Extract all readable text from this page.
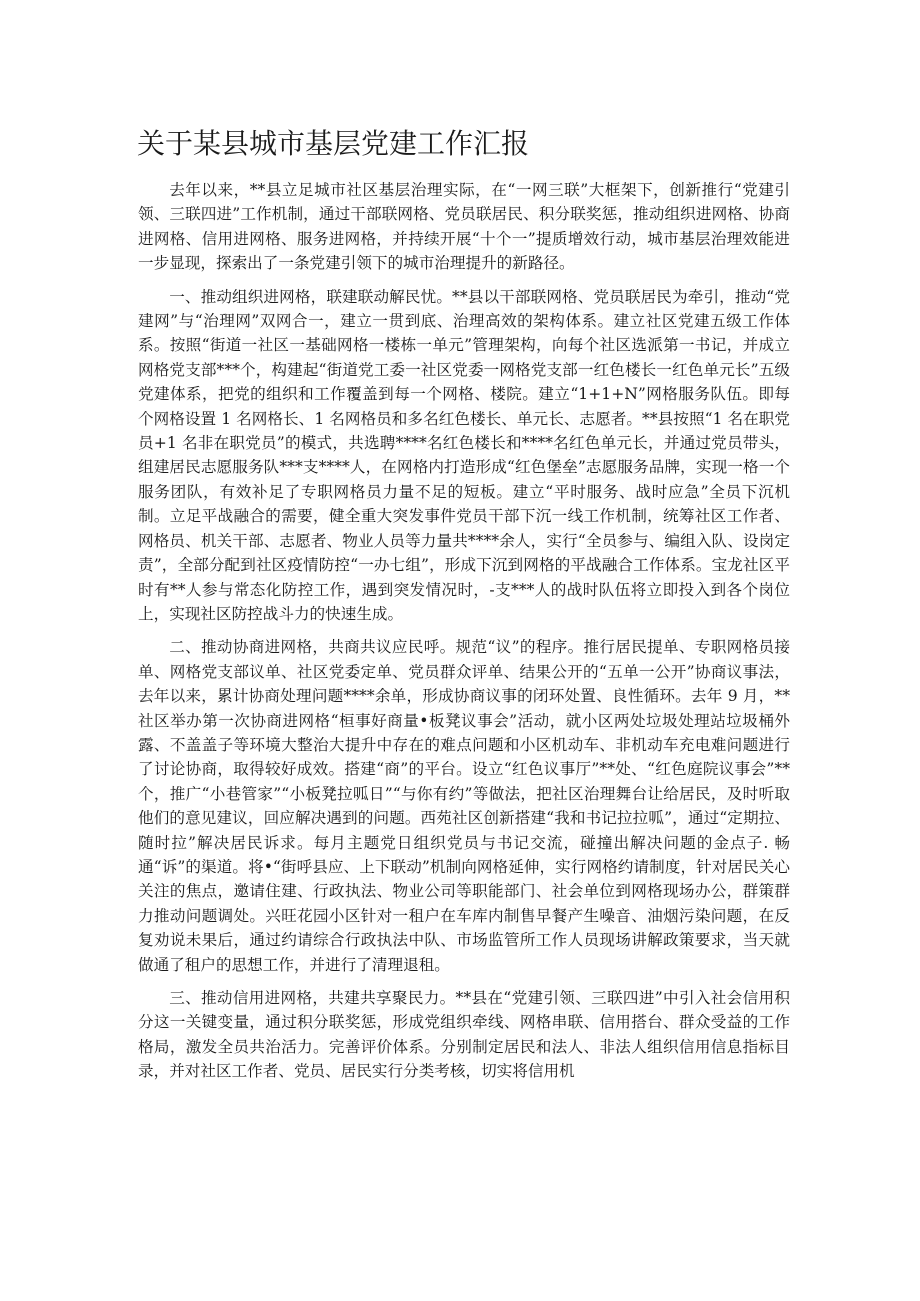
关于某县城市基层党建工作汇报

去年以来，**县立足城市社区基层治理实际，在“一网三联”大框架下，创新推行“党建引领、三联四进”工作机制，通过干部联网格、党员联居民、积分联奖惩，推动组织进网格、协商进网格、信用进网格、服务进网格，并持续开展“十个一”提质增效行动，城市基层治理效能进一步显现，探索出了一条党建引领下的城市治理提升的新路径。

一、推动组织进网格，联建联动解民忧。**县以干部联网格、党员联居民为牵引，推动“党建网”与“治理网”双网合一，建立一贯到底、治理高效的架构体系。建立社区党建五级工作体系。按照“街道一社区一基础网格一楼栋一单元”管理架构，向每个社区选派第一书记，并成立网格党支部***个，构建起“街道党工委一社区党委一网格党支部一红色楼长一红色单元长”五级党建体系，把党的组织和工作覆盖到每一个网格、楼院。建立“1+1+N”网格服务队伍。即每个网格设置 1 名网格长、1 名网格员和多名红色楼长、单元长、志愿者。**县按照“1 名在职党员+1 名非在职党员”的模式，共选聘****名红色楼长和****名红色单元长，并通过党员带头，组建居民志愿服务队***支****人，在网格内打造形成“红色堡垒”志愿服务品牌，实现一格一个服务团队，有效补足了专职网格员力量不足的短板。建立“平时服务、战时应急”全员下沉机制。立足平战融合的需要，健全重大突发事件党员干部下沉一线工作机制，统筹社区工作者、网格员、机关干部、志愿者、物业人员等力量共****余人，实行“全员参与、编组入队、设岗定责”，全部分配到社区疫情防控“一办七组”，形成下沉到网格的平战融合工作体系。宝龙社区平时有**人参与常态化防控工作，遇到突发情况时，-支***人的战时队伍将立即投入到各个岗位上，实现社区防控战斗力的快速生成。

二、推动协商进网格，共商共议应民呼。规范“议”的程序。推行居民提单、专职网格员接单、网格党支部议单、社区党委定单、党员群众评单、结果公开的“五单一公开”协商议事法，去年以来，累计协商处理问题****余单，形成协商议事的闭环处置、良性循环。去年 9 月，**社区举办第一次协商进网格“桓事好商量•板凳议事会”活动，就小区两处垃圾处理站垃圾桶外露、不盖盖子等环境大整治大提升中存在的难点问题和小区机动车、非机动车充电难问题进行了讨论协商，取得较好成效。搭建“商”的平台。设立“红色议事厅”**处、“红色庭院议事会”**个，推广“小巷管家”“小板凳拉呱日”“与你有约”等做法，把社区治理舞台让给居民，及时听取他们的意见建议，回应解决遇到的问题。西苑社区创新搭建“我和书记拉拉呱”，通过“定期拉、随时拉”解决居民诉求。每月主题党日组织党员与书记交流，碰撞出解决问题的金点子. 畅通“诉”的渠道。将•“街呼县应、上下联动”机制向网格延伸，实行网格约请制度，针对居民关心关注的焦点，邀请住建、行政执法、物业公司等职能部门、社会单位到网格现场办公，群策群力推动问题调处。兴旺花园小区针对一租户在车库内制售早餐产生噪音、油烟污染问题，在反复劝说未果后，通过约请综合行政执法中队、市场监管所工作人员现场讲解政策要求，当天就做通了租户的思想工作，并进行了清理退租。

三、推动信用进网格，共建共享聚民力。**县在“党建引领、三联四进”中引入社会信用积分这一关键变量，通过积分联奖惩，形成党组织牵线、网格串联、信用搭台、群众受益的工作格局，激发全员共治活力。完善评价体系。分别制定居民和法人、非法人组织信用信息指标目录，并对社区工作者、党员、居民实行分类考核，切实将信用机
